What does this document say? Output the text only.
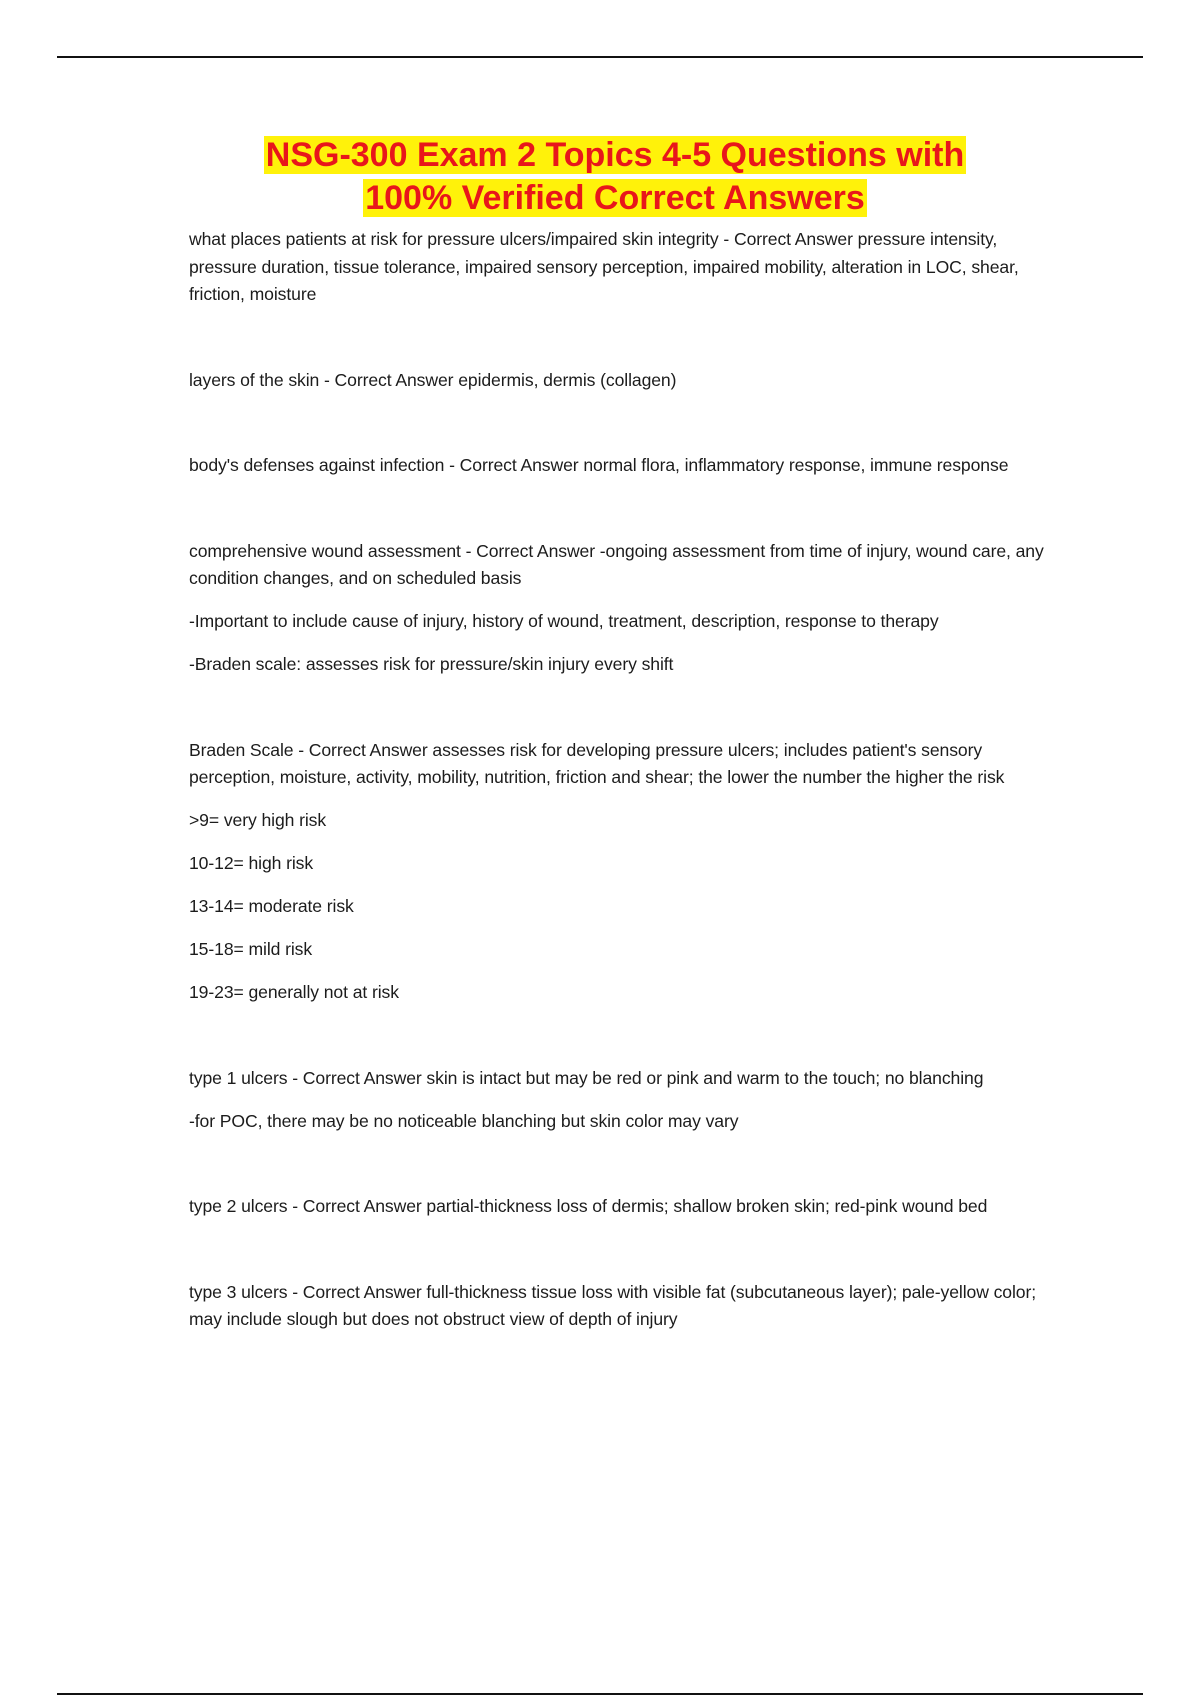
NSG-300 Exam 2 Topics 4-5 Questions with
100% Verified Correct Answers

what places patients at risk for pressure ulcers/impaired skin integrity - Correct Answer pressure intensity, pressure duration, tissue tolerance, impaired sensory perception, impaired mobility, alteration in LOC, shear, friction, moisture

layers of the skin - Correct Answer epidermis, dermis (collagen)

body's defenses against infection - Correct Answer normal flora, inflammatory response, immune response

comprehensive wound assessment - Correct Answer -ongoing assessment from time of injury, wound care, any condition changes, and on scheduled basis

-Important to include cause of injury, history of wound, treatment, description, response to therapy

-Braden scale: assesses risk for pressure/skin injury every shift

Braden Scale - Correct Answer assesses risk for developing pressure ulcers; includes patient's sensory perception, moisture, activity, mobility, nutrition, friction and shear; the lower the number the higher the risk

>9= very high risk

10-12= high risk

13-14= moderate risk

15-18= mild risk

19-23= generally not at risk

type 1 ulcers - Correct Answer skin is intact but may be red or pink and warm to the touch; no blanching

-for POC, there may be no noticeable blanching but skin color may vary

type 2 ulcers - Correct Answer partial-thickness loss of dermis; shallow broken skin; red-pink wound bed

type 3 ulcers - Correct Answer full-thickness tissue loss with visible fat (subcutaneous layer); pale-yellow color; may include slough but does not obstruct view of depth of injury
